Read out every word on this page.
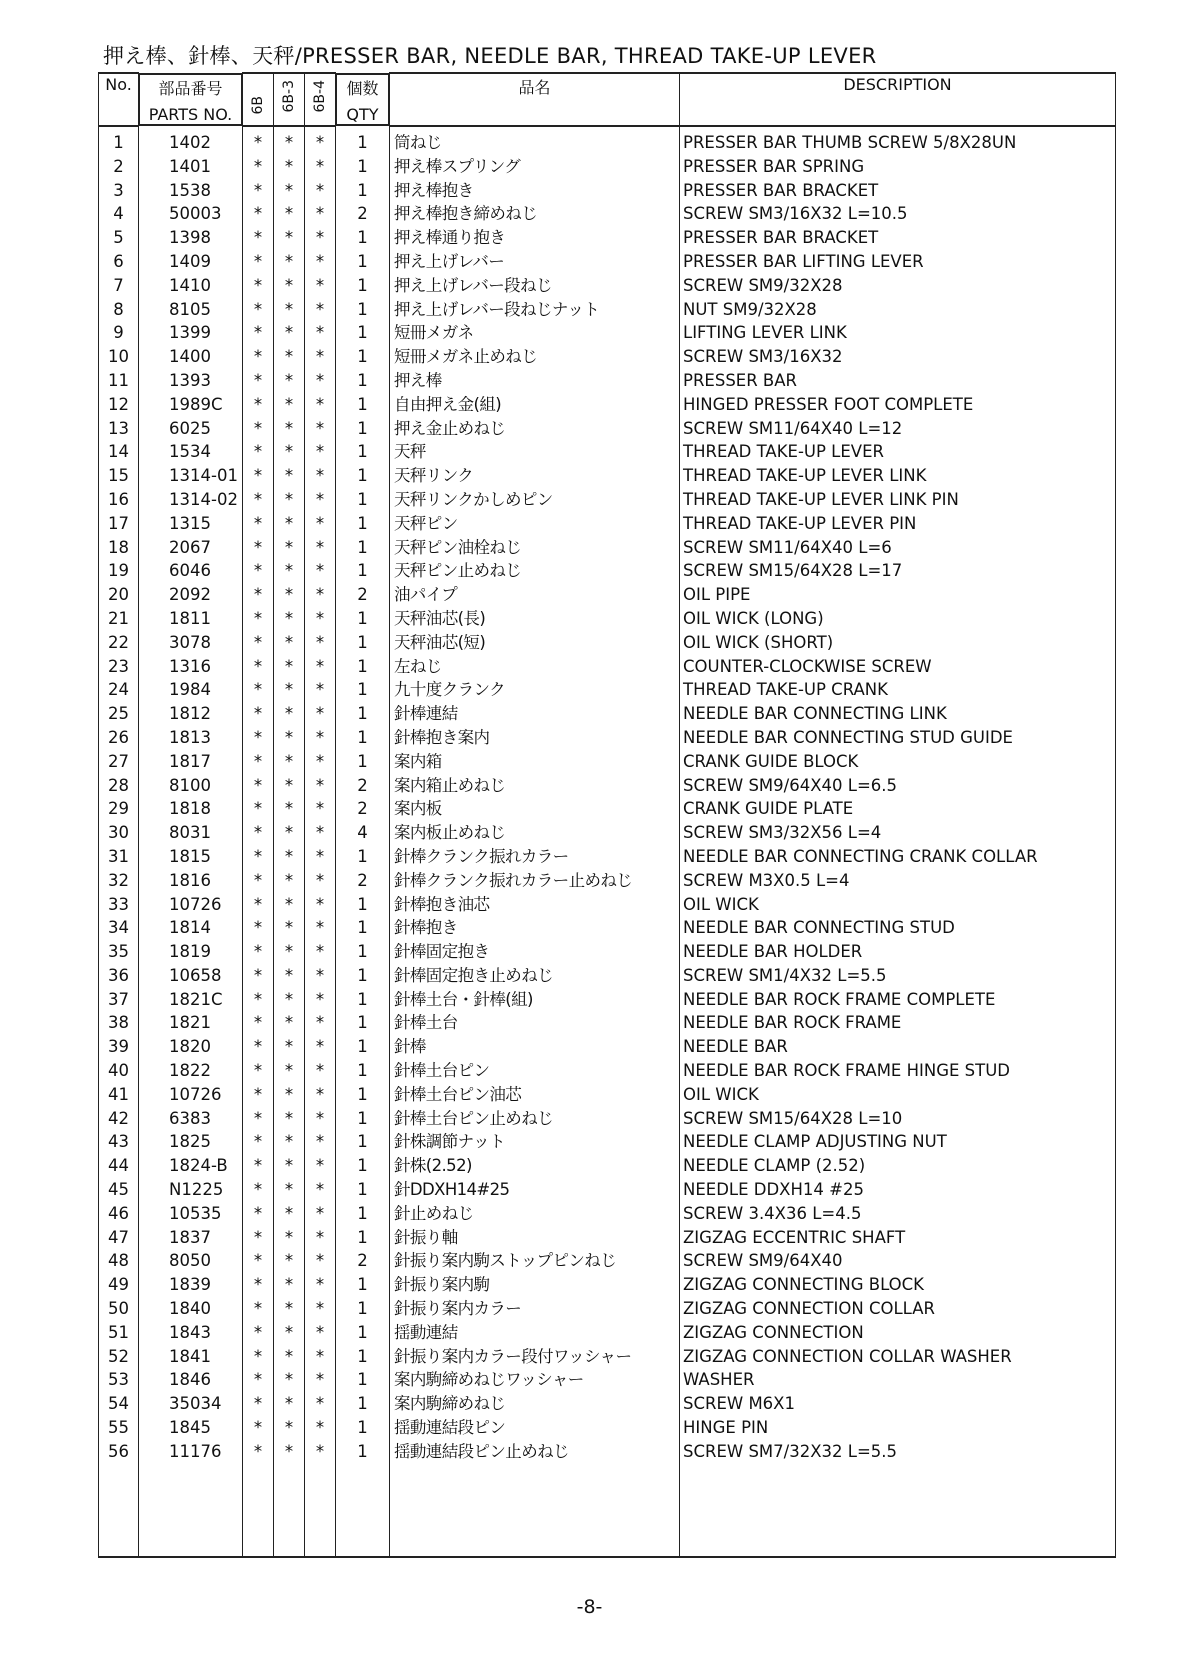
押え棒、針棒、天秤/PRESSER BAR, NEEDLE BAR, THREAD TAKE-UP LEVER
No.
		部品番号
PARTS NO.	6B	6B-3	6B-4		個数
QTY
品名	DESCRIPTION

1	1402	*	*	*	1	筒ねじ	PRESSER BAR THUMB SCREW 5/8X28UN
2	1401	*	*	*	1	押え棒スプリング	PRESSER BAR SPRING
3	1538	*	*	*	1	押え棒抱き	PRESSER BAR BRACKET
4	50003	*	*	*	2	押え棒抱き締めねじ	SCREW SM3/16X32 L=10.5
5	1398	*	*	*	1	押え棒通り抱き	PRESSER BAR BRACKET
6	1409	*	*	*	1	押え上げレバー	PRESSER BAR LIFTING LEVER
7	1410	*	*	*	1	押え上げレバー段ねじ	SCREW SM9/32X28
8	8105	*	*	*	1	押え上げレバー段ねじナット	NUT SM9/32X28
9	1399	*	*	*	1	短冊メガネ	LIFTING LEVER LINK
10	1400	*	*	*	1	短冊メガネ止めねじ	SCREW SM3/16X32
11	1393	*	*	*	1	押え棒	PRESSER BAR
12	1989C	*	*	*	1	自由押え金(組)	HINGED PRESSER FOOT COMPLETE
13	6025	*	*	*	1	押え金止めねじ	SCREW SM11/64X40 L=12
14	1534	*	*	*	1	天秤	THREAD TAKE-UP LEVER
15	1314-01	*	*	*	1	天秤リンク	THREAD TAKE-UP LEVER LINK
16	1314-02	*	*	*	1	天秤リンクかしめピン	THREAD TAKE-UP LEVER LINK PIN
17	1315	*	*	*	1	天秤ピン	THREAD TAKE-UP LEVER PIN
18	2067	*	*	*	1	天秤ピン油栓ねじ	SCREW SM11/64X40 L=6
19	6046	*	*	*	1	天秤ピン止めねじ	SCREW SM15/64X28 L=17
20	2092	*	*	*	2	油パイプ	OIL PIPE
21	1811	*	*	*	1	天秤油芯(長)	OIL WICK (LONG)
22	3078	*	*	*	1	天秤油芯(短)	OIL WICK (SHORT)
23	1316	*	*	*	1	左ねじ	COUNTER-CLOCKWISE SCREW
24	1984	*	*	*	1	九十度クランク	THREAD TAKE-UP CRANK
25	1812	*	*	*	1	針棒連結	NEEDLE BAR CONNECTING LINK
26	1813	*	*	*	1	針棒抱き案内	NEEDLE BAR CONNECTING STUD GUIDE
27	1817	*	*	*	1	案内箱	CRANK GUIDE BLOCK
28	8100	*	*	*	2	案内箱止めねじ	SCREW SM9/64X40 L=6.5
29	1818	*	*	*	2	案内板	CRANK GUIDE PLATE
30	8031	*	*	*	4	案内板止めねじ	SCREW SM3/32X56 L=4
31	1815	*	*	*	1	針棒クランク振れカラー	NEEDLE BAR CONNECTING CRANK COLLAR
32	1816	*	*	*	2	針棒クランク振れカラー止めねじ	SCREW M3X0.5 L=4
33	10726	*	*	*	1	針棒抱き油芯	OIL WICK
34	1814	*	*	*	1	針棒抱き	NEEDLE BAR CONNECTING STUD
35	1819	*	*	*	1	針棒固定抱き	NEEDLE BAR HOLDER
36	10658	*	*	*	1	針棒固定抱き止めねじ	SCREW SM1/4X32 L=5.5
37	1821C	*	*	*	1	針棒土台・針棒(組)	NEEDLE BAR ROCK FRAME COMPLETE
38	1821	*	*	*	1	針棒土台	NEEDLE BAR ROCK FRAME
39	1820	*	*	*	1	針棒	NEEDLE BAR
40	1822	*	*	*	1	針棒土台ピン	NEEDLE BAR ROCK FRAME HINGE STUD
41	10726	*	*	*	1	針棒土台ピン油芯	OIL WICK
42	6383	*	*	*	1	針棒土台ピン止めねじ	SCREW SM15/64X28 L=10
43	1825	*	*	*	1	針株調節ナット	NEEDLE CLAMP ADJUSTING NUT
44	1824-B	*	*	*	1	針株(2.52)	NEEDLE CLAMP (2.52)
45	N1225	*	*	*	1	針DDXH14#25	NEEDLE DDXH14 #25
46	10535	*	*	*	1	針止めねじ	SCREW 3.4X36 L=4.5
47	1837	*	*	*	1	針振り軸	ZIGZAG ECCENTRIC SHAFT
48	8050	*	*	*	2	針振り案内駒ストップピンねじ	SCREW SM9/64X40
49	1839	*	*	*	1	針振り案内駒	ZIGZAG CONNECTING BLOCK
50	1840	*	*	*	1	針振り案内カラー	ZIGZAG CONNECTION COLLAR
51	1843	*	*	*	1	揺動連結	ZIGZAG CONNECTION
52	1841	*	*	*	1	針振り案内カラー段付ワッシャー	ZIGZAG CONNECTION COLLAR WASHER
53	1846	*	*	*	1	案内駒締めねじワッシャー	WASHER
54	35034	*	*	*	1	案内駒締めねじ	SCREW M6X1
55	1845	*	*	*	1	揺動連結段ピン	HINGE PIN
56	11176	*	*	*	1	揺動連結段ピン止めねじ	SCREW SM7/32X32 L=5.5

-8-
